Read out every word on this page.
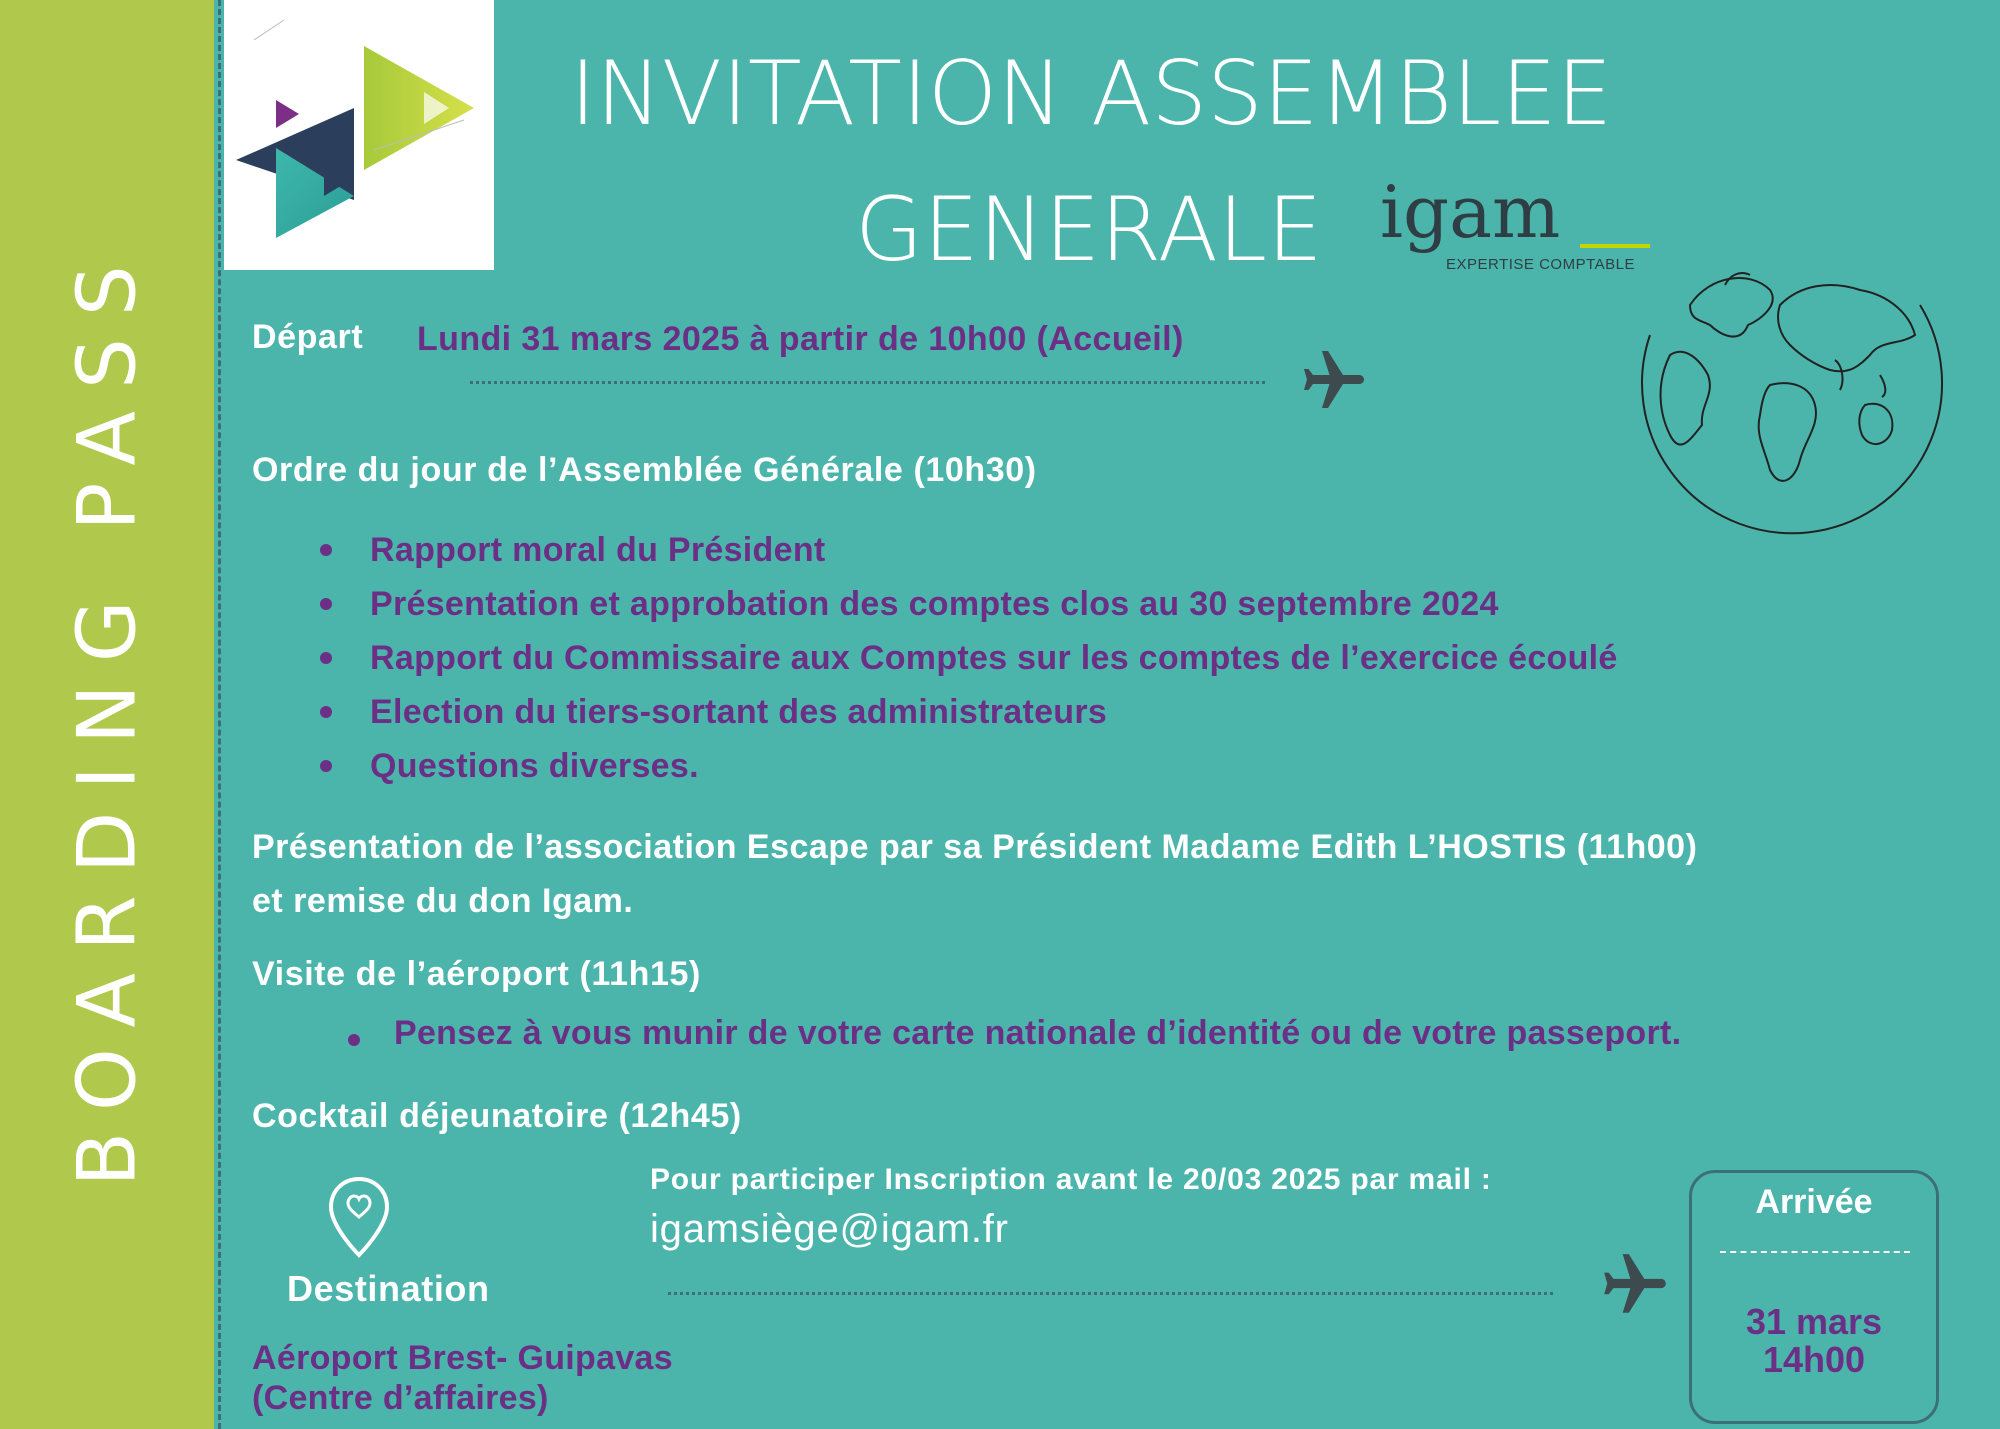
BOARDING PASS
INVITATION ASSEMBLEE
GENERALE igam
EXPERTISE COMPTABLE
Départ Lundi 31 mars 2025 à partir de 10h00 (Accueil)
Ordre du jour de l’Assemblée Générale (10h30)
Rapport moral du Président
Présentation et approbation des comptes clos au 30 septembre 2024
Rapport du Commissaire aux Comptes sur les comptes de l’exercice écoulé
Election du tiers-sortant des administrateurs
Questions diverses.
Présentation de l’association Escape par sa Président Madame Edith L’HOSTIS (11h00)
et remise du don Igam.
Visite de l’aéroport (11h15)
Pensez à vous munir de votre carte nationale d’identité ou de votre passeport.
Cocktail déjeunatoire (12h45)
Destination
Aéroport Brest- Guipavas
(Centre d’affaires)
Pour participer Inscription avant le 20/03 2025 par mail :
igamsiège@igam.fr
Arrivée
31 mars
14h00
